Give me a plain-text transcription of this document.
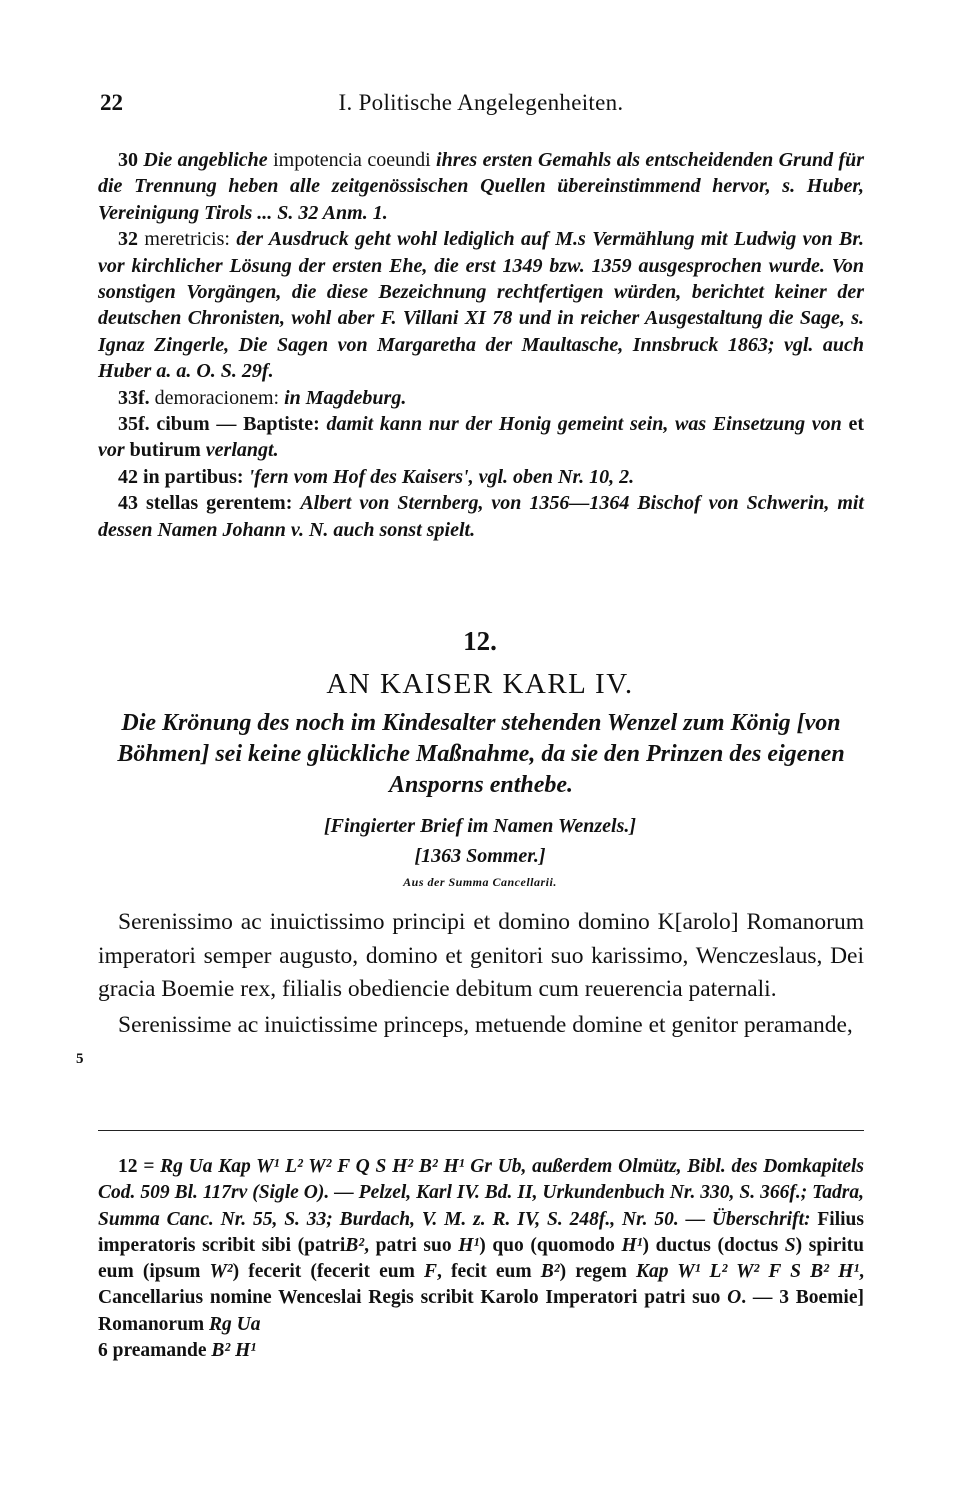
22	I. Politische Angelegenheiten.

30 Die angebliche impotencia coeundi ihres ersten Gemahls als entscheidenden Grund für die Trennung heben alle zeitgenössischen Quellen übereinstimmend hervor, s. Huber, Vereinigung Tirols ... S. 32 Anm. 1.

32 meretricis: der Ausdruck geht wohl lediglich auf M.s Vermählung mit Ludwig von Br. vor kirchlicher Lösung der ersten Ehe, die erst 1349 bzw. 1359 ausgesprochen wurde. Von sonstigen Vorgängen, die diese Bezeichnung rechtfertigen würden, berichtet keiner der deutschen Chronisten, wohl aber F. Villani XI 78 und in reicher Ausgestaltung die Sage, s. Ignaz Zingerle, Die Sagen von Margaretha der Maultasche, Innsbruck 1863; vgl. auch Huber a. a. O. S. 29f.

33f. demoracionem: in Magdeburg.

35f. cibum — Baptiste: damit kann nur der Honig gemeint sein, was Einsetzung von et vor butirum verlangt.

42 in partibus: 'fern vom Hof des Kaisers', vgl. oben Nr. 10, 2.

43 stellas gerentem: Albert von Sternberg, von 1356—1364 Bischof von Schwerin, mit dessen Namen Johann v. N. auch sonst spielt.

12.
AN KAISER KARL IV.
Die Krönung des noch im Kindesalter stehenden Wenzel zum König [von Böhmen] sei keine glückliche Maßnahme, da sie den Prinzen des eigenen Ansporns enthebe.
[Fingierter Brief im Namen Wenzels.]
[1363 Sommer.]
Aus der Summa Cancellarii.

Serenissimo ac inuictissimo principi et domino domino K[arolo] Romanorum imperatori semper augusto, domino et genitori suo karissimo, Wenczeslaus, Dei gracia Boemie rex, filialis obediencie debitum cum reuerencia paternali.

Serenissime ac inuictissime princeps, metuende domine et genitor peramande,

5

12 = Rg Ua Kap W¹ L² W² F Q S H² B² H¹ Gr Ub, außerdem Olmütz, Bibl. des Domkapitels Cod. 509 Bl. 117rv (Sigle O). — Pelzel, Karl IV. Bd. II, Urkundenbuch Nr. 330, S. 366f.; Tadra, Summa Canc. Nr. 55, S. 33; Burdach, V. M. z. R. IV, S. 248f., Nr. 50. — Überschrift: Filius imperatoris scribit sibi (patriB², patri suo H¹) quo (quomodo H¹) ductus (doctus S) spiritu eum (ipsum W²) fecerit (fecerit eum F, fecit eum B²) regem Kap W¹ L² W² F S B² H¹, Cancellarius nomine Wenceslai Regis scribit Karolo Imperatori patri suo O. — 3 Boemie] Romanorum Rg Ua
6 preamande B² H¹
